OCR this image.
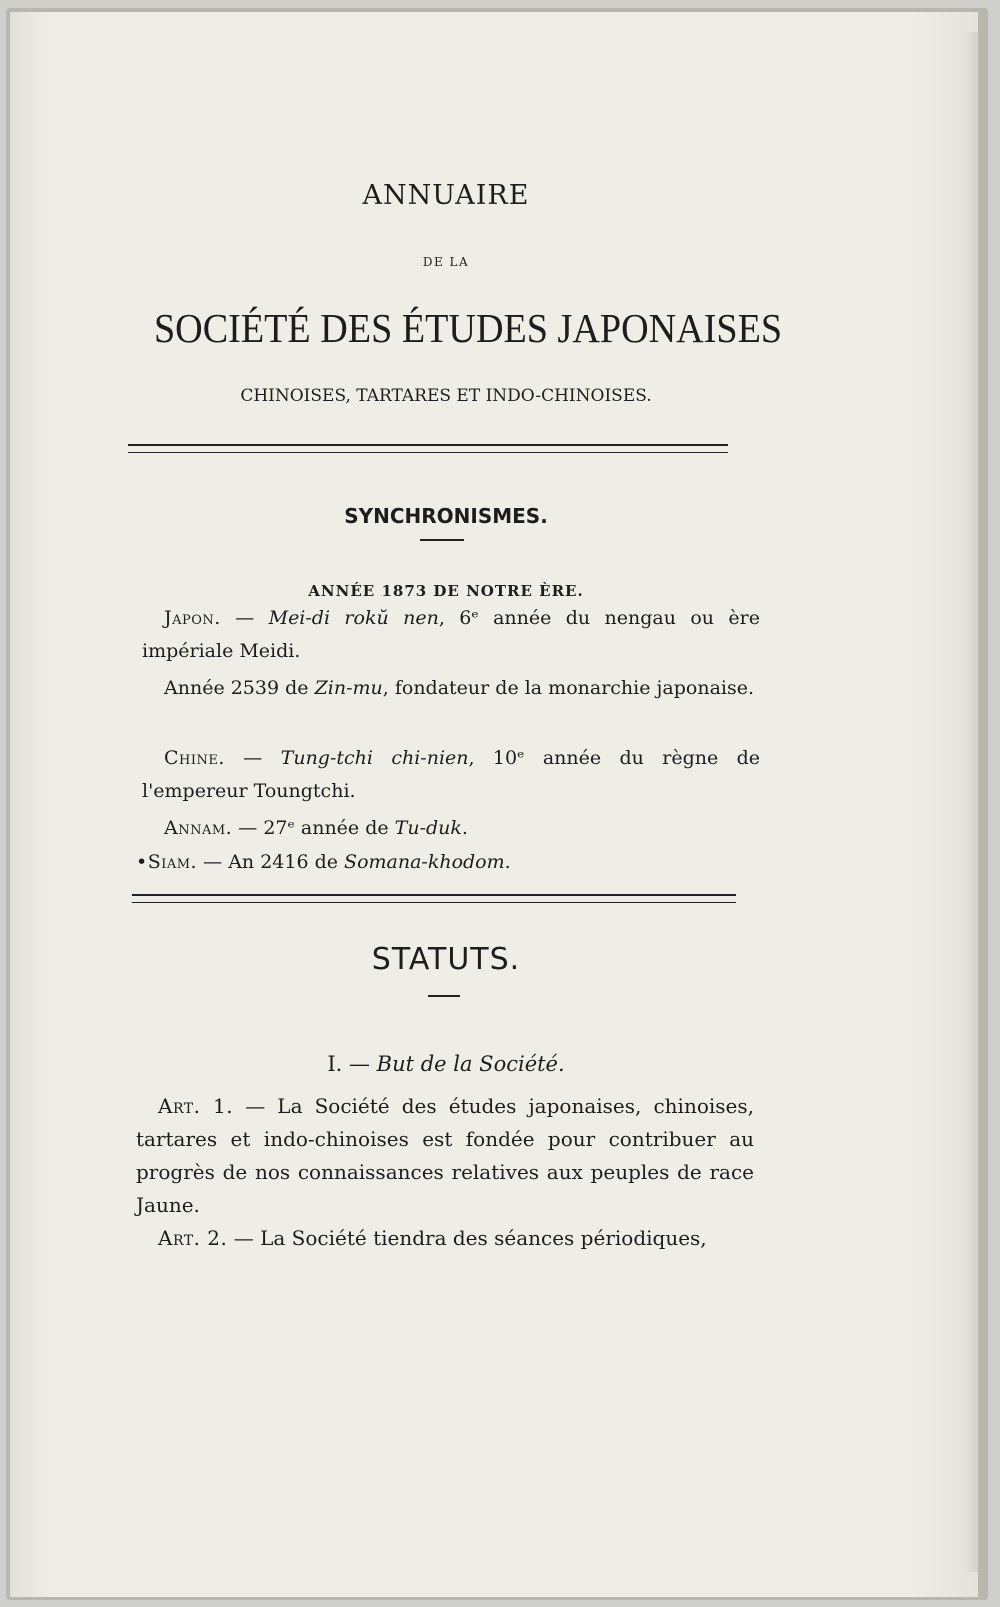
ANNUAIRE
DE LA
SOCIÉTÉ DES ÉTUDES JAPONAISES
CHINOISES, TARTARES ET INDO-CHINOISES.
SYNCHRONISMES.
ANNÉE 1873 DE NOTRE ÈRE.
Japon. — Mei-di rokŭ nen, 6ᵉ année du nengau ou ère impériale Meidi.
Année 2539 de Zin-mu, fondateur de la monarchie japonaise.
Chine. — Tung-tchi chi-nien, 10ᵉ année du règne de l'empereur Toungtchi.
Annam. — 27ᵉ année de Tu-duk.
•Siam. — An 2416 de Somana-khodom.
STATUTS.
I. — But de la Société.
Art. 1. — La Société des études japonaises, chinoises, tartares et indo-chinoises est fondée pour contribuer au progrès de nos connaissances relatives aux peuples de race Jaune.
Art. 2. — La Société tiendra des séances périodiques,
